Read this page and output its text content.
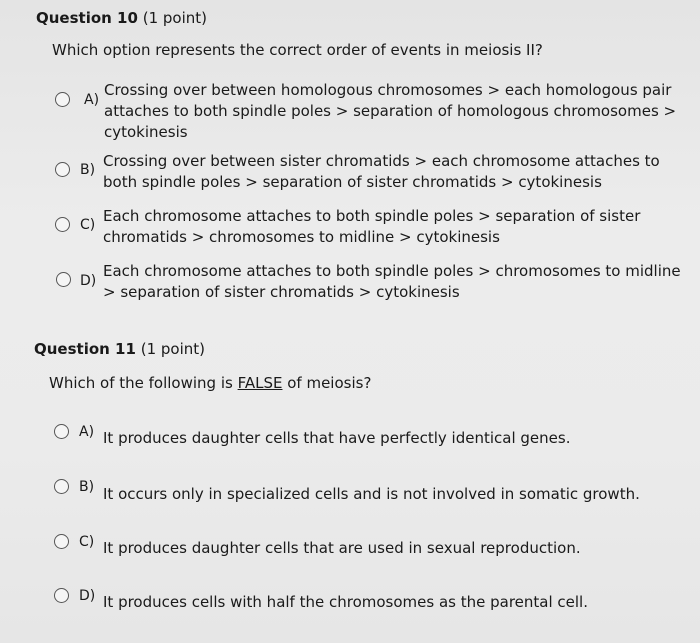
Question 10 (1 point)
Which option represents the correct order of events in meiosis II?
A)
Crossing over between homologous chromosomes > each homologous pair attaches to both spindle poles > separation of homologous chromosomes > cytokinesis
B) Crossing over between sister chromatids > each chromosome attaches to both spindle poles > separation of sister chromatids > cytokinesis
C) Each chromosome attaches to both spindle poles > separation of sister chromatids > chromosomes to midline > cytokinesis
D)
Each chromosome attaches to both spindle poles > chromosomes to midline > separation of sister chromatids > cytokinesis
Question 11 (1 point)
Which of the following is FALSE of meiosis?
A) It produces daughter cells that have perfectly identical genes.
B) It occurs only in specialized cells and is not involved in somatic growth.
C) It produces daughter cells that are used in sexual reproduction.
D) It produces cells with half the chromosomes as the parental cell.
